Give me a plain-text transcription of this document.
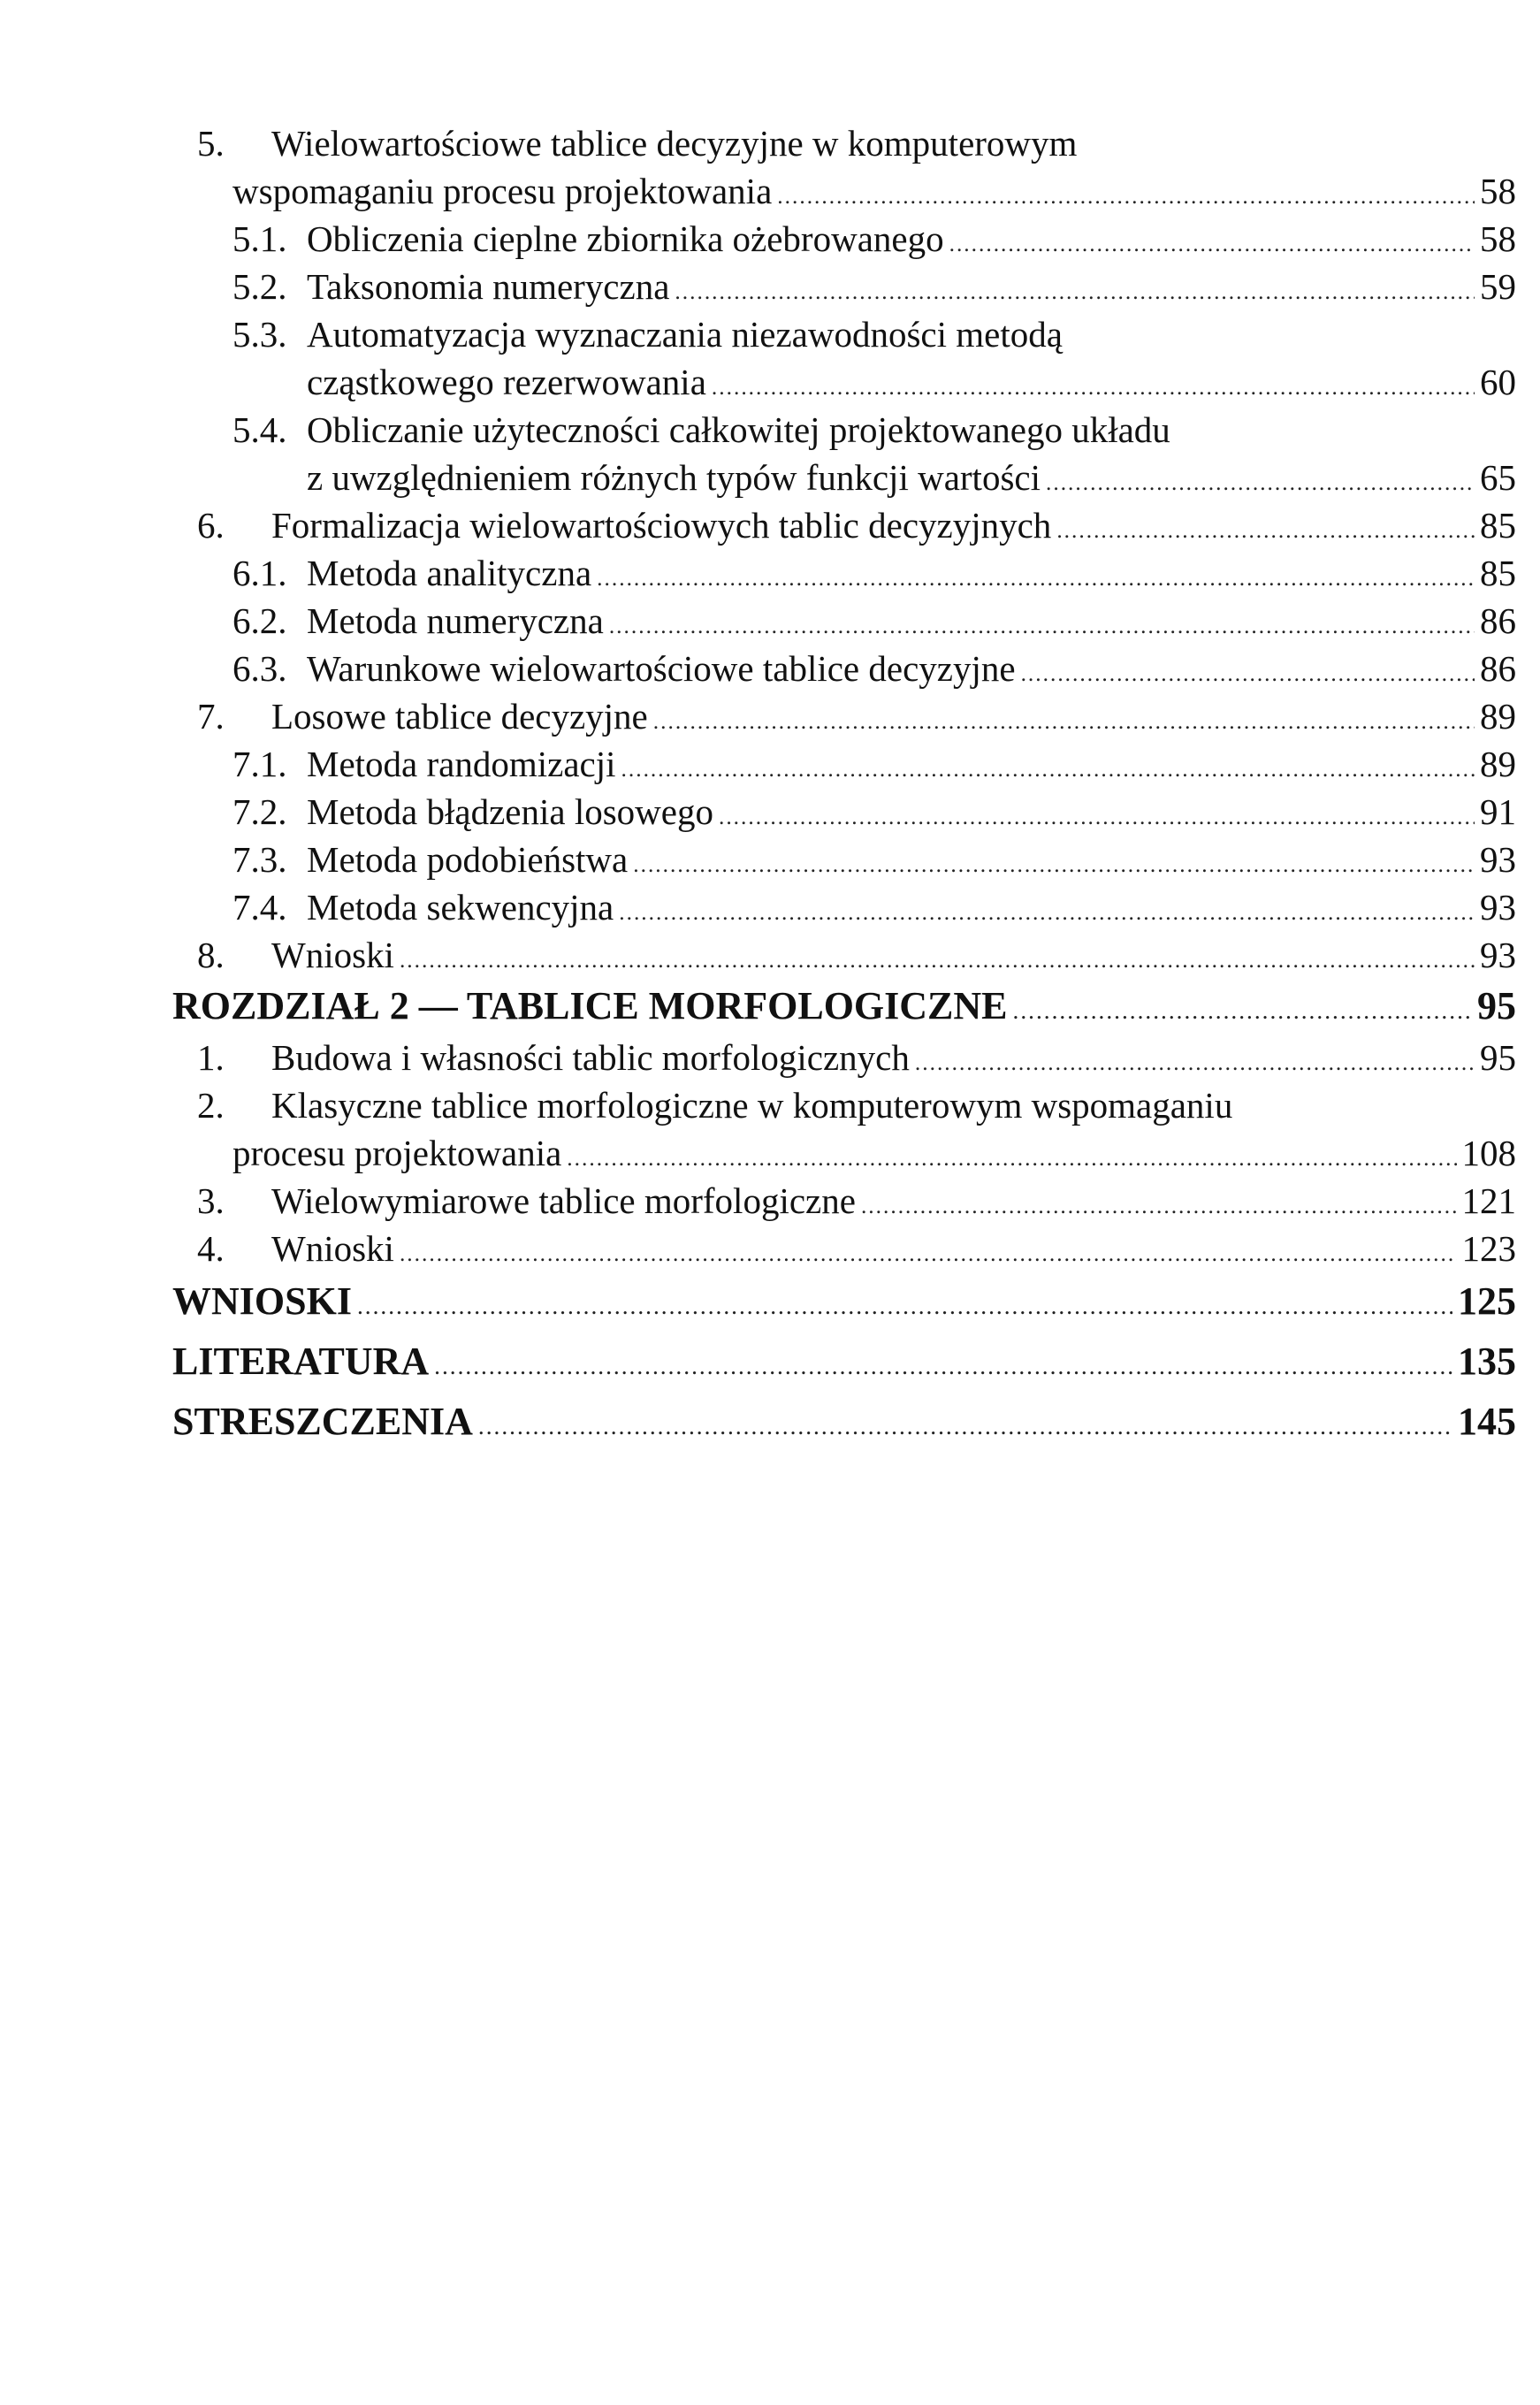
5. Wielowartościowe tablice decyzyjne w komputerowym
wspomaganiu procesu projektowania .....	58
5.1. Obliczenia cieplne zbiornika ożebrowanego .....	58
5.2. Taksonomia numeryczna .....	59
5.3. Automatyzacja wyznaczania niezawodności metodą
cząstkowego rezerwowania .....	60
5.4. Obliczanie użyteczności całkowitej projektowanego układu
z uwzględnieniem różnych typów funkcji wartości .....	65
6. Formalizacja wielowartościowych tablic decyzyjnych .....	85
6.1. Metoda analityczna .....	85
6.2. Metoda numeryczna .....	86
6.3. Warunkowe wielowartościowe tablice decyzyjne .....	86
7. Losowe tablice decyzyjne .....	89
7.1. Metoda randomizacji .....	89
7.2. Metoda błądzenia losowego .....	91
7.3. Metoda podobieństwa .....	93
7.4. Metoda sekwencyjna .....	93
8. Wnioski .....	93
ROZDZIAŁ 2 — TABLICE MORFOLOGICZNE .....	95
1. Budowa i własności tablic morfologicznych .....	95
2. Klasyczne tablice morfologiczne w komputerowym wspomaganiu
procesu projektowania .....	108
3. Wielowymiarowe tablice morfologiczne .....	121
4. Wnioski .....	123
WNIOSKI .....	125
LITERATURA .....	135
STRESZCZENIA .....	145
